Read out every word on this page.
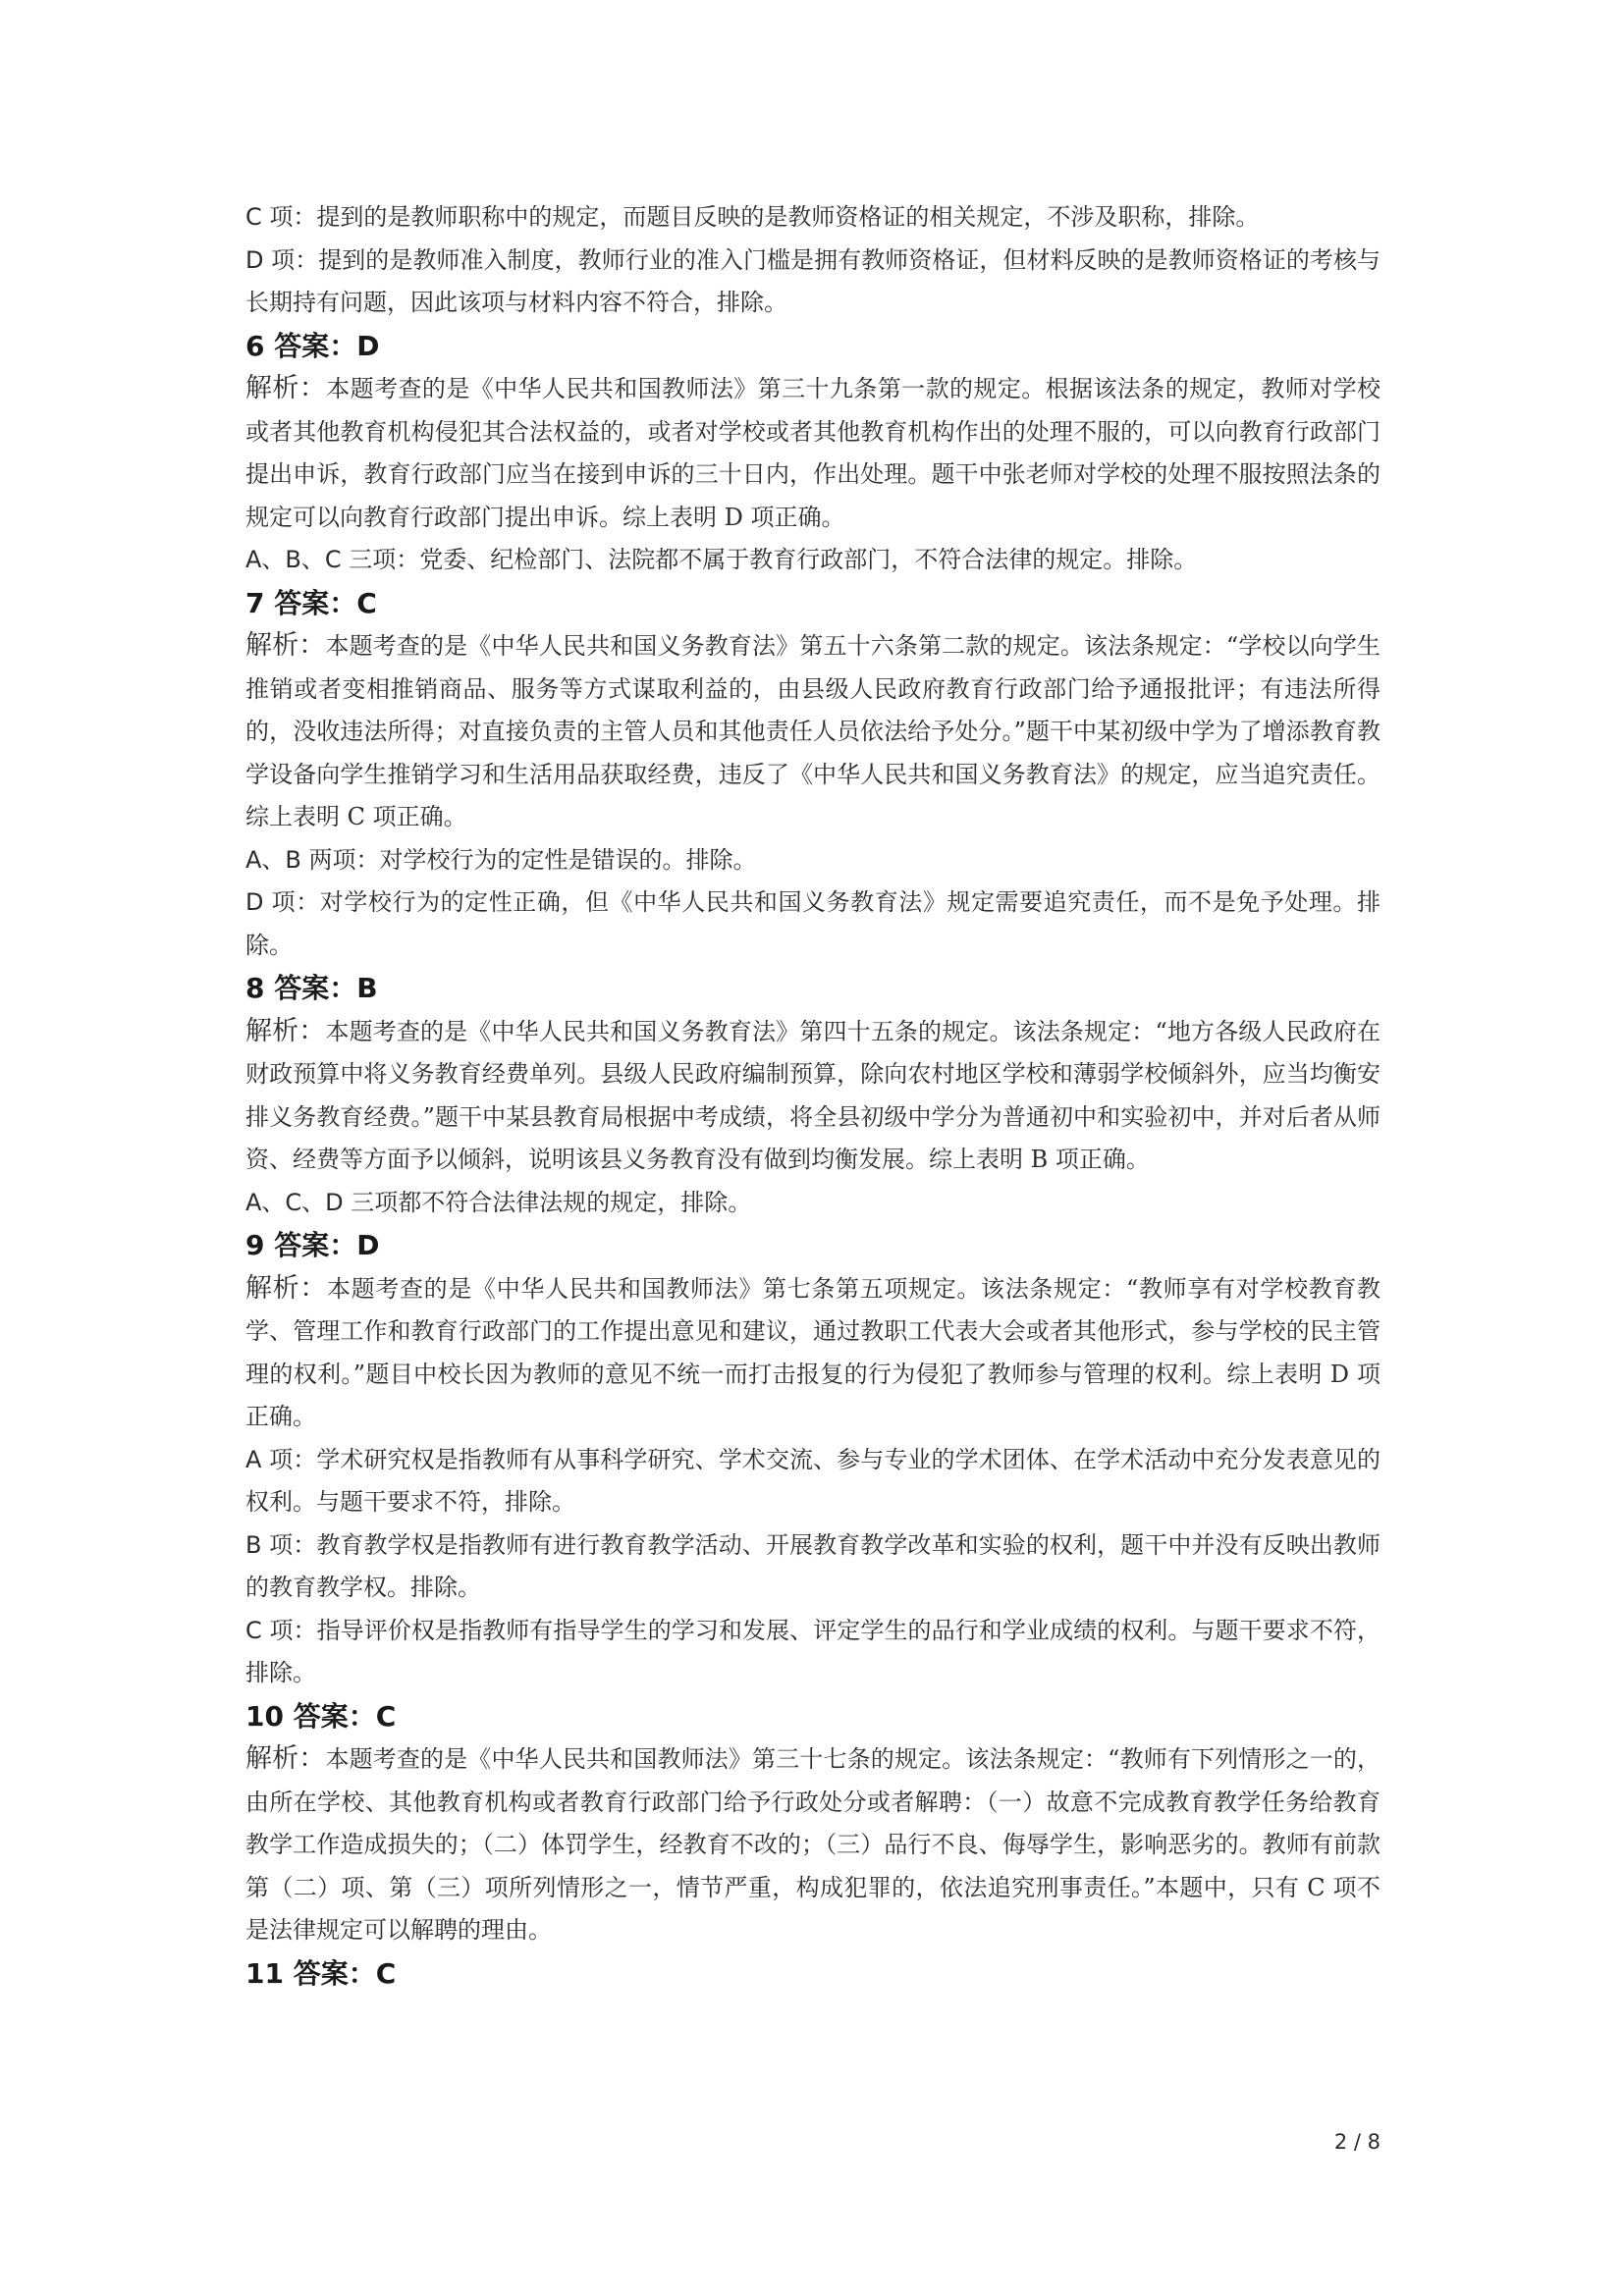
C 项：提到的是教师职称中的规定，而题目反映的是教师资格证的相关规定，不涉及职称，排除。

D 项：提到的是教师准入制度，教师行业的准入门槛是拥有教师资格证，但材料反映的是教师资格证的考核与长期持有问题，因此该项与材料内容不符合，排除。

6 答案：D

解析：本题考查的是《中华人民共和国教师法》第三十九条第一款的规定。根据该法条的规定，教师对学校或者其他教育机构侵犯其合法权益的，或者对学校或者其他教育机构作出的处理不服的，可以向教育行政部门提出申诉，教育行政部门应当在接到申诉的三十日内，作出处理。题干中张老师对学校的处理不服按照法条的规定可以向教育行政部门提出申诉。综上表明 D 项正确。

A、B、C 三项：党委、纪检部门、法院都不属于教育行政部门，不符合法律的规定。排除。

7 答案：C

解析：本题考查的是《中华人民共和国义务教育法》第五十六条第二款的规定。该法条规定：“学校以向学生推销或者变相推销商品、服务等方式谋取利益的，由县级人民政府教育行政部门给予通报批评；有违法所得的，没收违法所得；对直接负责的主管人员和其他责任人员依法给予处分。”题干中某初级中学为了增添教育教学设备向学生推销学习和生活用品获取经费，违反了《中华人民共和国义务教育法》的规定，应当追究责任。综上表明 C 项正确。

A、B 两项：对学校行为的定性是错误的。排除。

D 项：对学校行为的定性正确，但《中华人民共和国义务教育法》规定需要追究责任，而不是免予处理。排除。

8 答案：B

解析：本题考查的是《中华人民共和国义务教育法》第四十五条的规定。该法条规定：“地方各级人民政府在财政预算中将义务教育经费单列。县级人民政府编制预算，除向农村地区学校和薄弱学校倾斜外，应当均衡安排义务教育经费。”题干中某县教育局根据中考成绩，将全县初级中学分为普通初中和实验初中，并对后者从师资、经费等方面予以倾斜，说明该县义务教育没有做到均衡发展。综上表明 B 项正确。

A、C、D 三项都不符合法律法规的规定，排除。

9 答案：D

解析：本题考查的是《中华人民共和国教师法》第七条第五项规定。该法条规定：“教师享有对学校教育教学、管理工作和教育行政部门的工作提出意见和建议，通过教职工代表大会或者其他形式，参与学校的民主管理的权利。”题目中校长因为教师的意见不统一而打击报复的行为侵犯了教师参与管理的权利。综上表明 D 项正确。

A 项：学术研究权是指教师有从事科学研究、学术交流、参与专业的学术团体、在学术活动中充分发表意见的权利。与题干要求不符，排除。

B 项：教育教学权是指教师有进行教育教学活动、开展教育教学改革和实验的权利，题干中并没有反映出教师的教育教学权。排除。

C 项：指导评价权是指教师有指导学生的学习和发展、评定学生的品行和学业成绩的权利。与题干要求不符，排除。

10 答案：C

解析：本题考查的是《中华人民共和国教师法》第三十七条的规定。该法条规定：“教师有下列情形之一的，由所在学校、其他教育机构或者教育行政部门给予行政处分或者解聘：（一）故意不完成教育教学任务给教育教学工作造成损失的；（二）体罚学生，经教育不改的；（三）品行不良、侮辱学生，影响恶劣的。教师有前款第（二）项、第（三）项所列情形之一，情节严重，构成犯罪的，依法追究刑事责任。”本题中，只有 C 项不是法律规定可以解聘的理由。

11 答案：C

2 / 8
